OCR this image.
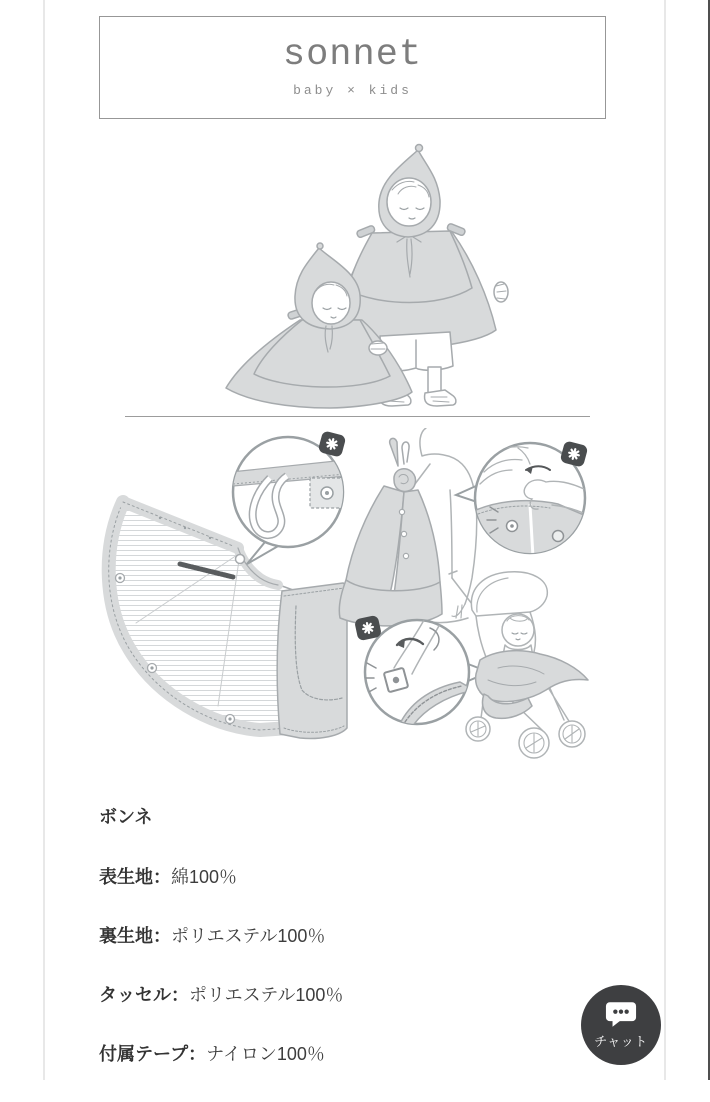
sonnet
baby × kids
ボンネ
表生地：綿100％
裏生地：ポリエステル100％
タッセル：ポリエステル100％
付属テープ：ナイロン100％
チャット
